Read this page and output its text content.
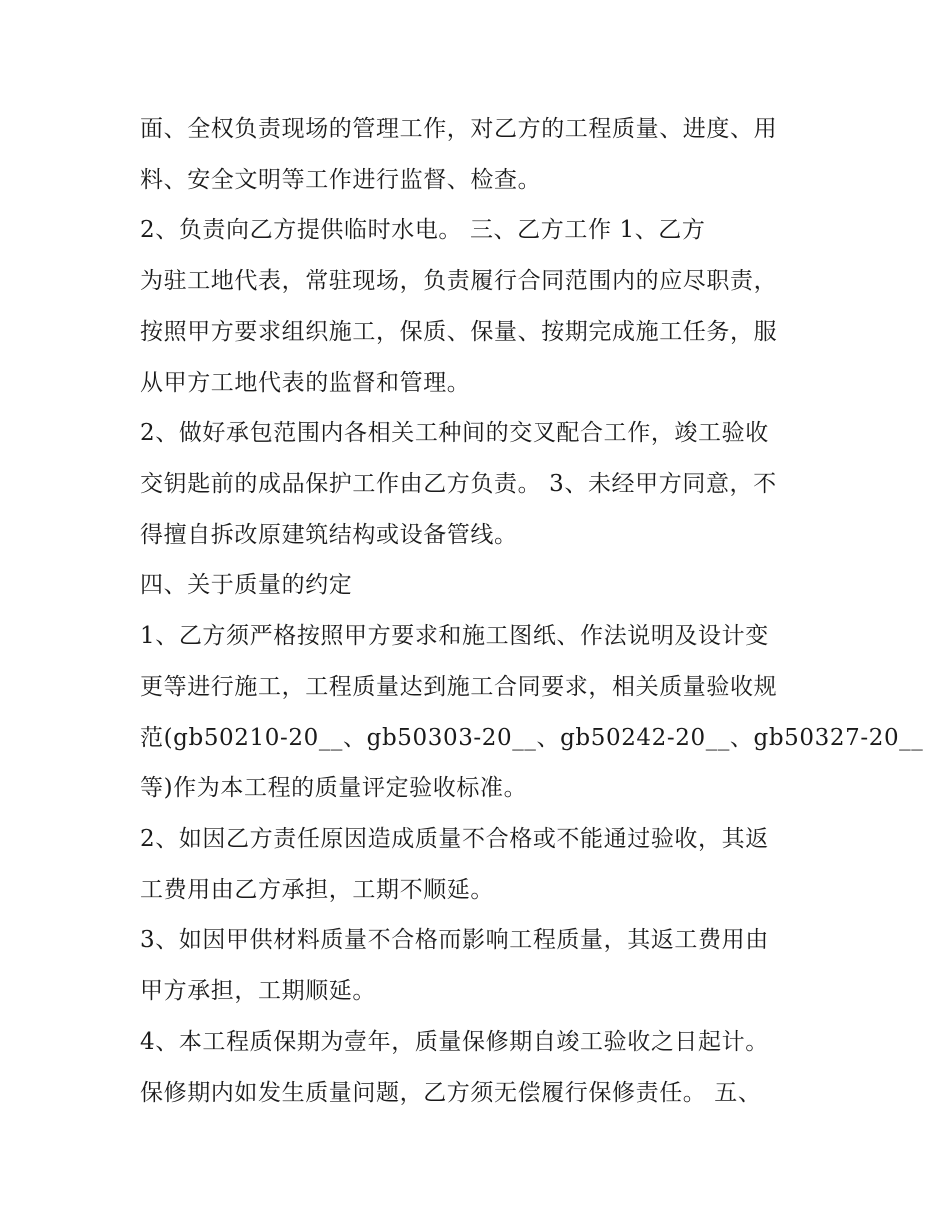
面、全权负责现场的管理工作，对乙方的工程质量、进度、用
料、安全文明等工作进行监督、检查。
2、负责向乙方提供临时水电。 三、乙方工作 1、乙方
为驻工地代表，常驻现场，负责履行合同范围内的应尽职责，
按照甲方要求组织施工，保质、保量、按期完成施工任务，服
从甲方工地代表的监督和管理。
2、做好承包范围内各相关工种间的交叉配合工作，竣工验收
交钥匙前的成品保护工作由乙方负责。 3、未经甲方同意，不
得擅自拆改原建筑结构或设备管线。
四、关于质量的约定
1、乙方须严格按照甲方要求和施工图纸、作法说明及设计变
更等进行施工，工程质量达到施工合同要求，相关质量验收规
范(gb50210-20__、gb50303-20__、gb50242-20__、gb50327-20__
等)作为本工程的质量评定验收标准。
2、如因乙方责任原因造成质量不合格或不能通过验收，其返
工费用由乙方承担，工期不顺延。
3、如因甲供材料质量不合格而影响工程质量，其返工费用由
甲方承担，工期顺延。
4、本工程质保期为壹年，质量保修期自竣工验收之日起计。
保修期内如发生质量问题，乙方须无偿履行保修责任。 五、
